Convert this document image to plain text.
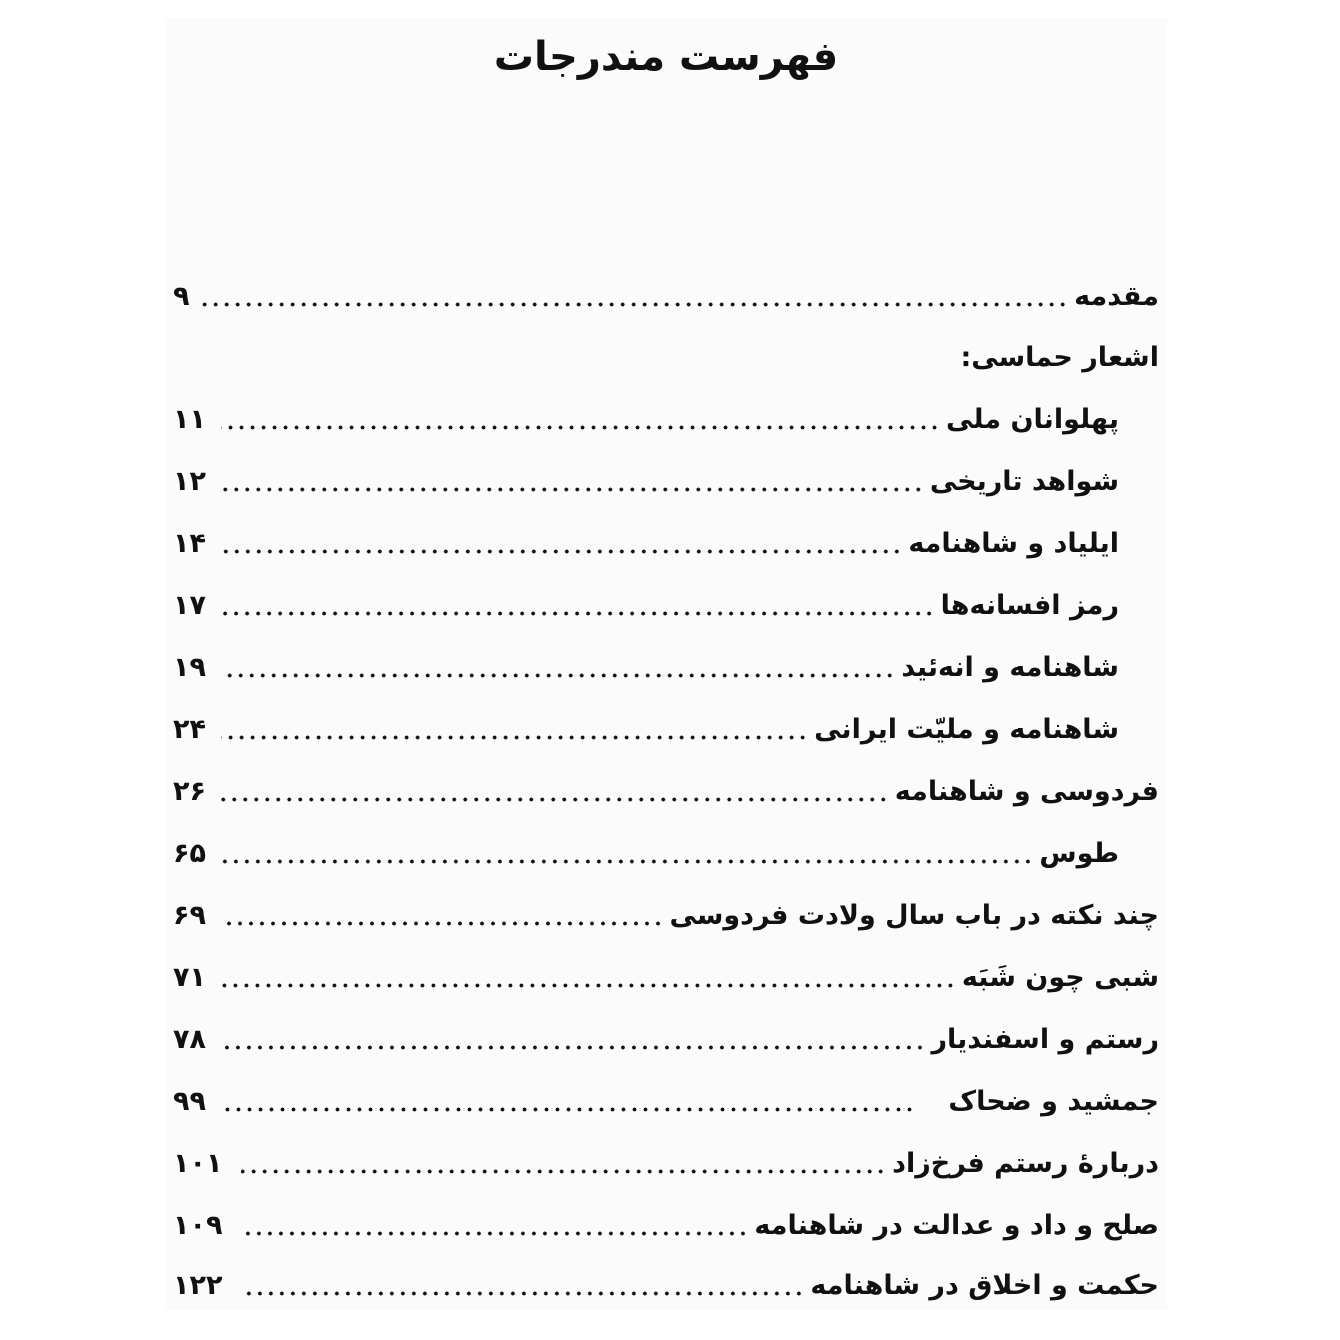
فهرست مندرجات
مقدمه
۹
اشعار حماسی:
پهلوانان ملی
۱۱
شواهد تاریخی
۱۲
ایلیاد و شاهنامه
۱۴
رمز افسانه‌ها
۱۷
شاهنامه و انه‌ئید
۱۹
شاهنامه و ملیّت ایرانی
۲۴
فردوسی و شاهنامه
۲۶
طوس
۶۵
چند نکته در باب سال ولادت فردوسی
۶۹
شبی چون شَبَه
۷۱
رستم و اسفندیار
۷۸
جمشید و ضحاک
۹۹
دربارهٔ رستم فرخ‌زاد
۱۰۱
صلح و داد و عدالت در شاهنامه
۱۰۹
حکمت و اخلاق در شاهنامه
۱۲۲
